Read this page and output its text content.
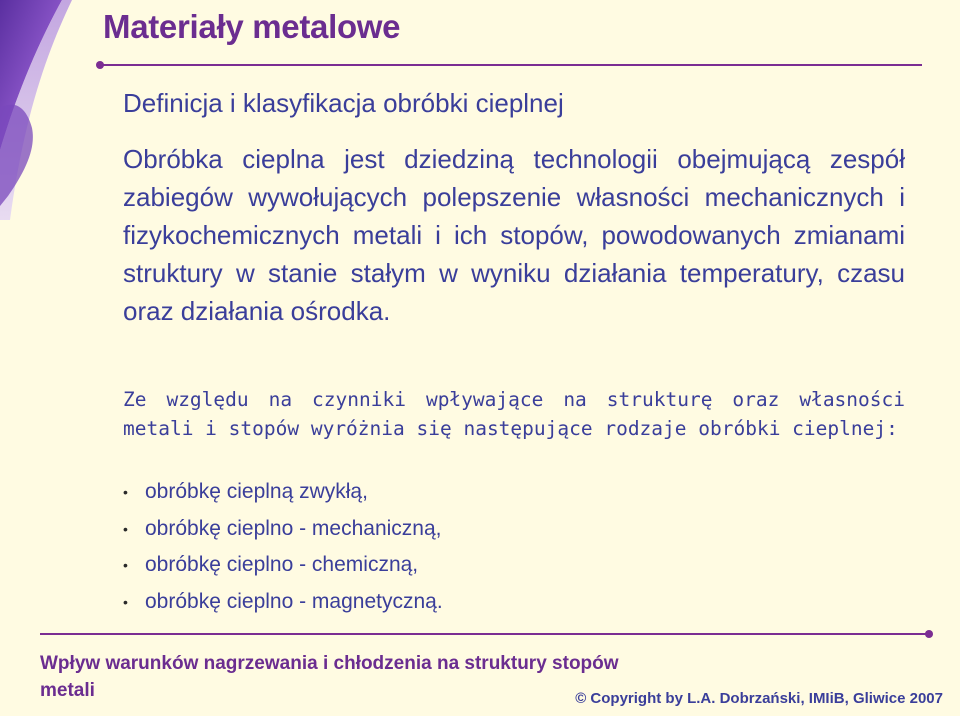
Materiały metalowe
Definicja i klasyfikacja obróbki cieplnej
Obróbka cieplna jest dziedziną technologii obejmującą zespół zabiegów wywołujących polepszenie własności mechanicznych i fizykochemicznych metali i ich stopów, powodowanych zmianami struktury w stanie stałym w wyniku działania temperatury, czasu oraz działania ośrodka.
Ze względu na czynniki wpływające na strukturę oraz własności metali i stopów wyróżnia się następujące rodzaje obróbki cieplnej:
• obróbkę cieplną zwykłą,
• obróbkę cieplno - mechaniczną,
• obróbkę cieplno - chemiczną,
• obróbkę cieplno - magnetyczną.
Wpływ warunków nagrzewania i chłodzenia na struktury stopów metali	© Copyright by L.A. Dobrzański, IMIiB, Gliwice 2007
